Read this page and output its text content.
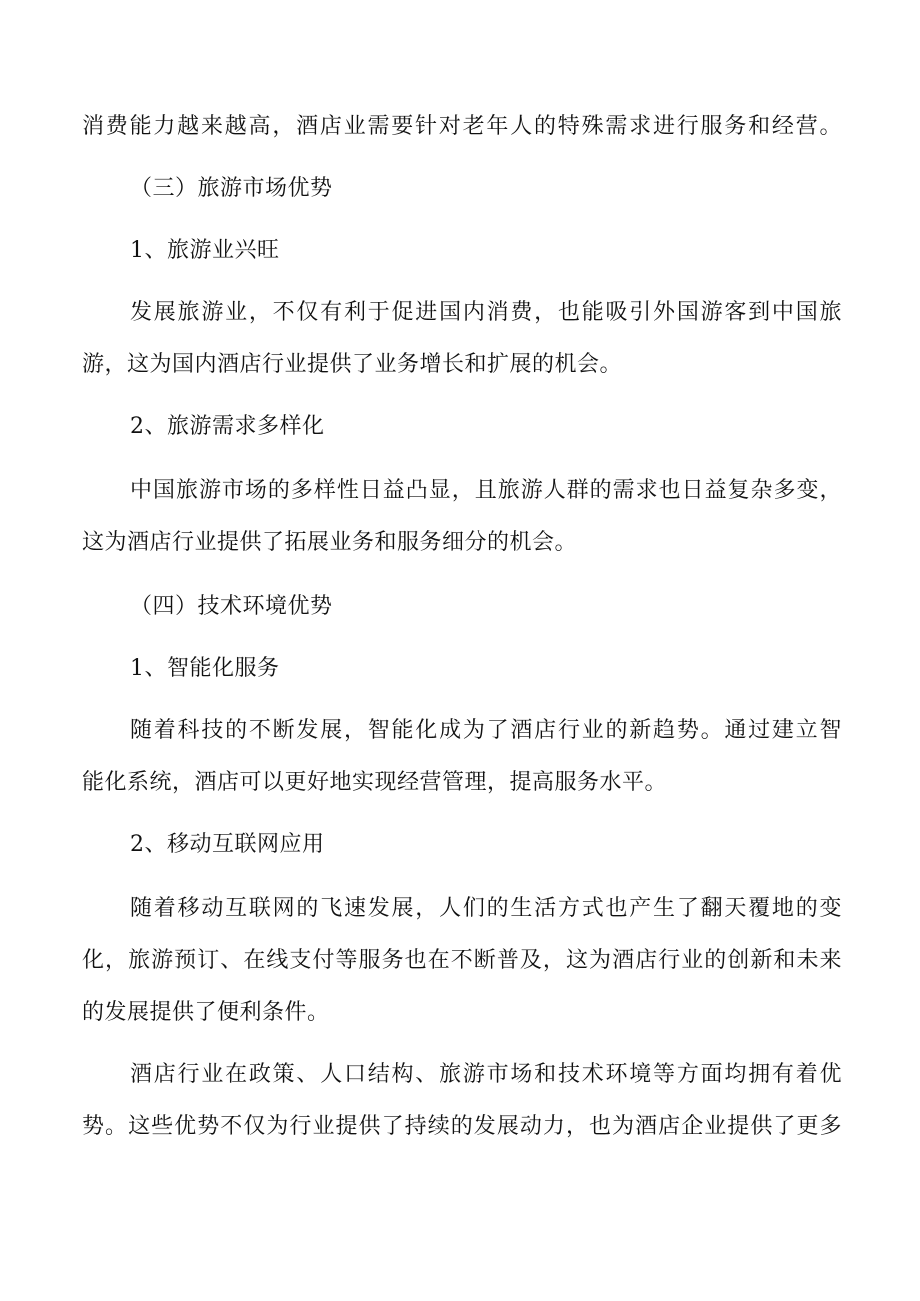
消费能力越来越高，酒店业需要针对老年人的特殊需求进行服务和经营。
（三）旅游市场优势
1、旅游业兴旺
发展旅游业，不仅有利于促进国内消费，也能吸引外国游客到中国旅
游，这为国内酒店行业提供了业务增长和扩展的机会。
2、旅游需求多样化
中国旅游市场的多样性日益凸显，且旅游人群的需求也日益复杂多变，
这为酒店行业提供了拓展业务和服务细分的机会。
（四）技术环境优势
1、智能化服务
随着科技的不断发展，智能化成为了酒店行业的新趋势。通过建立智
能化系统，酒店可以更好地实现经营管理，提高服务水平。
2、移动互联网应用
随着移动互联网的飞速发展，人们的生活方式也产生了翻天覆地的变
化，旅游预订、在线支付等服务也在不断普及，这为酒店行业的创新和未来
的发展提供了便利条件。
酒店行业在政策、人口结构、旅游市场和技术环境等方面均拥有着优
势。这些优势不仅为行业提供了持续的发展动力，也为酒店企业提供了更多
